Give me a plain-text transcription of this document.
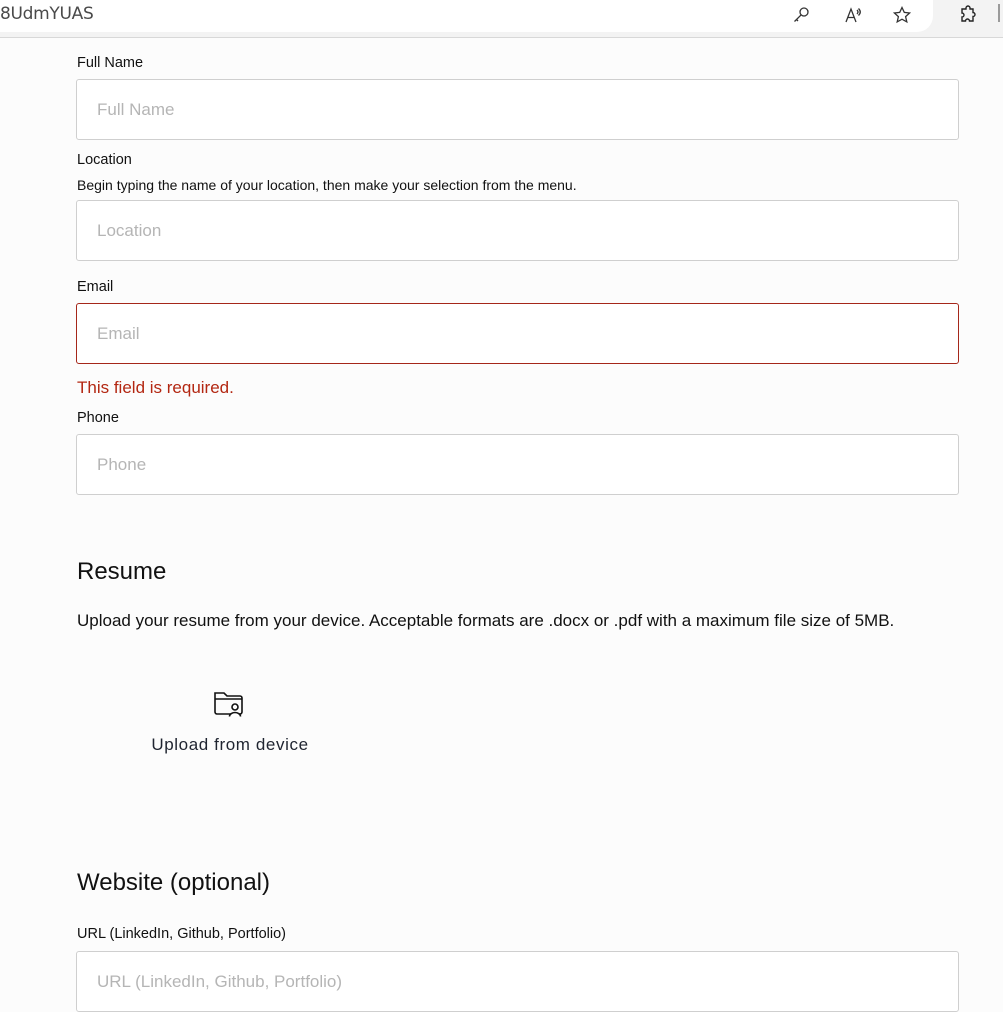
8UdmYUAS
Full Name
Full Name
Location
Begin typing the name of your location, then make your selection from the menu.
Location
Email
Email
This field is required.
Phone
Phone
Resume
Upload your resume from your device. Acceptable formats are .docx or .pdf with a maximum file size of 5MB.
Upload from device
Website (optional)
URL (LinkedIn, Github, Portfolio)
URL (LinkedIn, Github, Portfolio)
